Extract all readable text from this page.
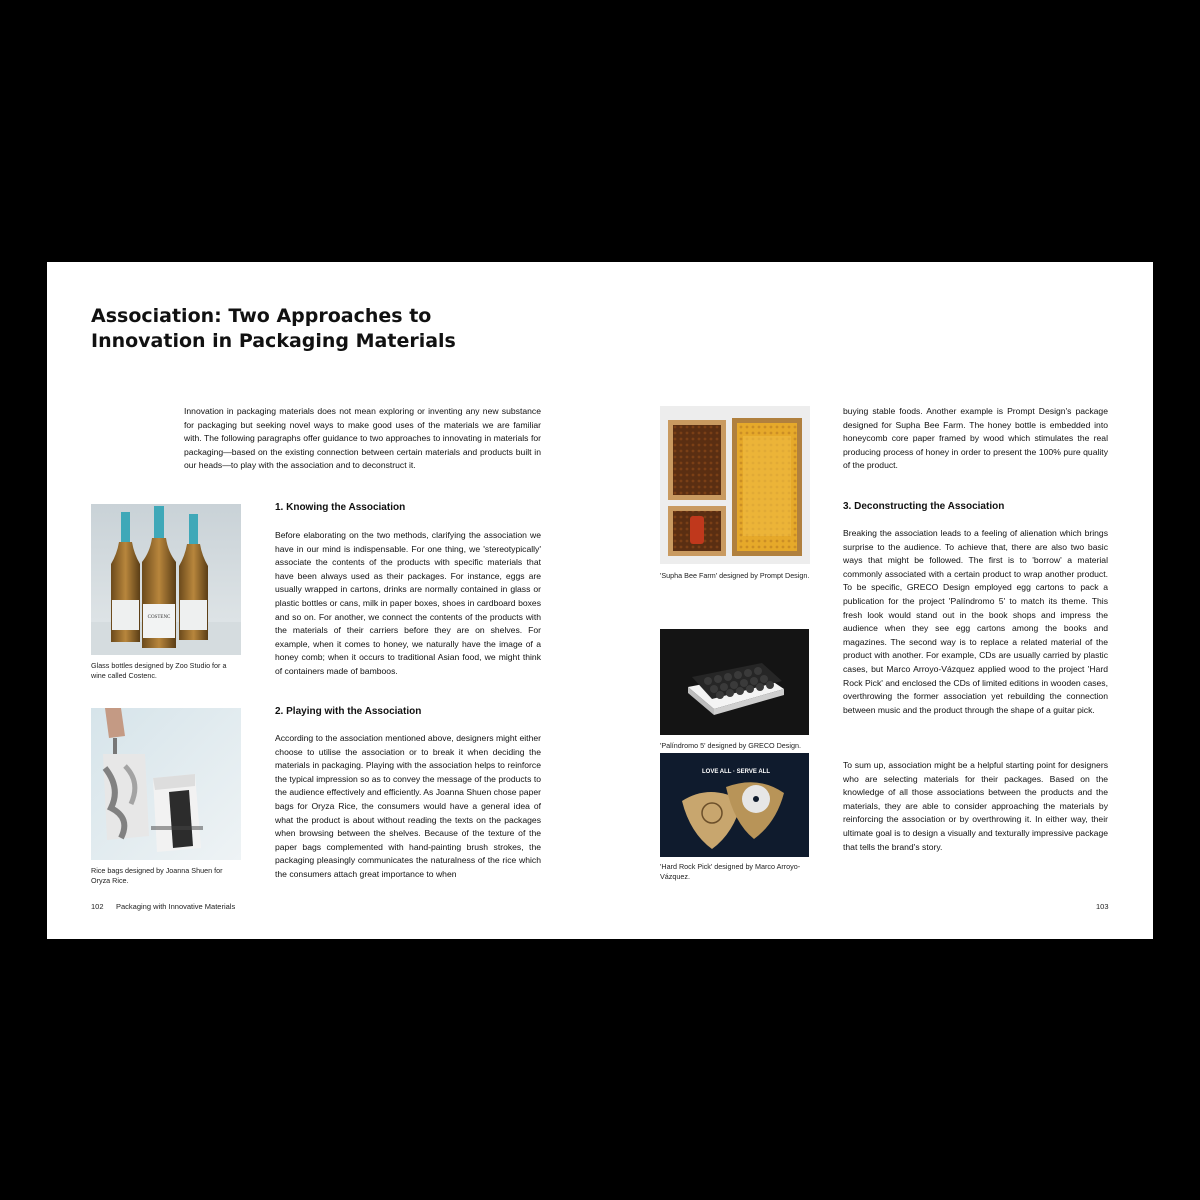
Association: Two Approaches to
Innovation in Packaging Materials

Innovation in packaging materials does not mean exploring or inventing any new substance for packaging but seeking novel ways to make good uses of the materials we are familiar with. The following paragraphs offer guidance to two approaches to innovating in materials for packaging—based on the existing connection between certain materials and products built in our heads—to play with the association and to deconstruct it.

COSTENC

Glass bottles designed by Zoo Studio for a wine called Costenc.

Rice bags designed by Joanna Shuen for Oryza Rice.

1. Knowing the Association

Before elaborating on the two methods, clarifying the association we have in our mind is indispensable. For one thing, we 'stereotypically' associate the contents of the products with specific materials that have been always used as their packages. For instance, eggs are usually wrapped in cartons, drinks are normally contained in glass or plastic bottles or cans, milk in paper boxes, shoes in cardboard boxes and so on. For another, we connect the contents of the products with the materials of their carriers before they are on shelves. For example, when it comes to honey, we naturally have the image of a honey comb; when it occurs to traditional Asian food, we might think of containers made of bamboos.

2. Playing with the Association

According to the association mentioned above, designers might either choose to utilise the association or to break it when deciding the materials in packaging. Playing with the association helps to reinforce the typical impression so as to convey the message of the products to the audience effectively and efficiently. As Joanna Shuen chose paper bags for Oryza Rice, the consumers would have a general idea of what the product is about without reading the texts on the packages when browsing between the shelves. Because of the texture of the paper bags complemented with hand-painting brush strokes, the packaging pleasingly communicates the naturalness of the rice which the consumers attach great importance to when

'Supha Bee Farm' designed by Prompt Design.

'Palíndromo 5' designed by GRECO Design.

LOVE ALL · SERVE ALL

'Hard Rock Pick' designed by Marco Arroyo-Vázquez.

buying stable foods. Another example is Prompt Design's package designed for Supha Bee Farm. The honey bottle is embedded into honeycomb core paper framed by wood which stimulates the real producing process of honey in order to present the 100% pure quality of the product.

3. Deconstructing the Association

Breaking the association leads to a feeling of alienation which brings surprise to the audience. To achieve that, there are also two basic ways that might be followed. The first is to 'borrow' a material commonly associated with a certain product to wrap another product. To be specific, GRECO Design employed egg cartons to pack a publication for the project 'Palíndromo 5' to match its theme. This fresh look would stand out in the book shops and impress the audience when they see egg cartons among the books and magazines. The second way is to replace a related material of the product with another. For example, CDs are usually carried by plastic cases, but Marco Arroyo-Vázquez applied wood to the project 'Hard Rock Pick' and enclosed the CDs of limited editions in wooden cases, overthrowing the former association yet rebuilding the connection between music and the product through the shape of a guitar pick.

To sum up, association might be a helpful starting point for designers who are selecting materials for their packages. Based on the knowledge of all those associations between the products and the materials, they are able to consider approaching the materials by reinforcing the association or by overthrowing it. In either way, their ultimate goal is to design a visually and texturally impressive package that tells the brand's story.

102 Packaging with Innovative Materials	103
